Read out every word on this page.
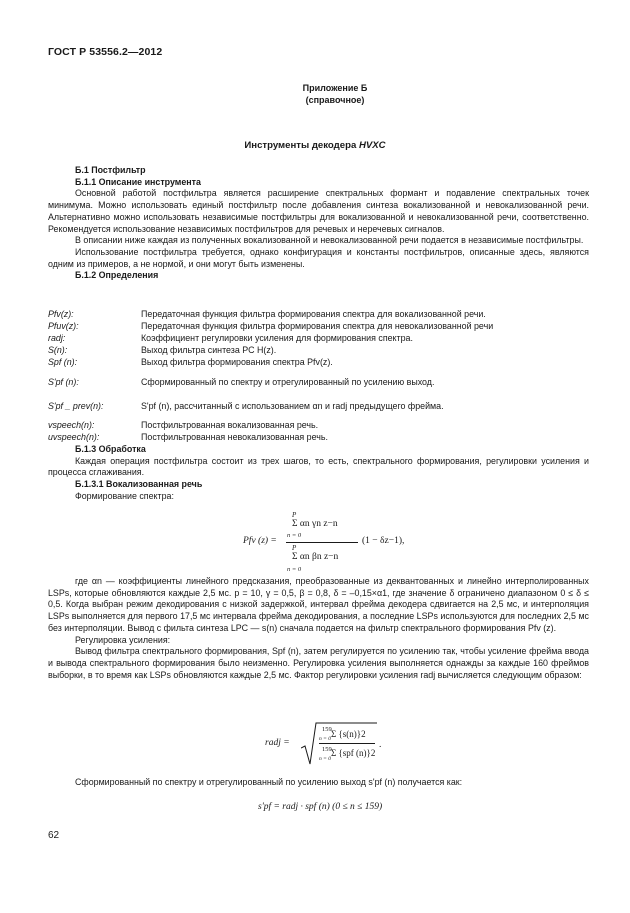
ГОСТ Р 53556.2—2012
Приложение Б
(справочное)
Инструменты декодера HVXC

Б.1 Постфильтр

Б.1.1 Описание инструмента

Основной работой постфильтра является расширение спектральных формант и подавление спектральных точек минимума. Можно использовать единый постфильтр после добавления синтеза вокализованной и невокализованной речи. Альтернативно можно использовать независимые постфильтры для вокализованной и невокализованной речи, соответственно. Рекомендуется использование независимых постфильтров для речевых и неречевых сигналов.

В описании ниже каждая из полученных вокализованной и невокализованной речи подается в независимые постфильтры.

Использование постфильтра требуется, однако конфигурация и константы постфильтров, описанные здесь, являются одним из примеров, а не нормой, и они могут быть изменены.

Б.1.2 Определения

Pfv(z):	Передаточная функция фильтра формирования спектра для вокализованной речи.
Pfuv(z):	Передаточная функция фильтра формирования спектра для невокализованной речи
radj:	Коэффициент регулировки усиления для формирования спектра.
S(n):	Выход фильтра синтеза РС H(z).
Spf (n):	Выход фильтра формирования спектра Pfv(z).
S'pf (n):	Сформированный по спектру и отрегулированный по усилению выход.
S'pf _ prev(n):	S'pf (n), рассчитанный с использованием αn и radj предыдущего фрейма.
vspeech(n):	Постфильтрованная вокализованная речь.
uvspeech(n):	Постфильтрованная невокализованная речь.

Б.1.3 Обработка

Каждая операция постфильтра состоит из трех шагов, то есть, спектрального формирования, регулировки усиления и процесса сглаживания.

Б.1.3.1 Вокализованная речь

Формирование спектра:

Pfv (z) =
P
Σ αn γn z−n
n = 0
P
Σ αn βn z−n
n = 0
(1 − δz−1),

где αn — коэффициенты линейного предсказания, преобразованные из деквантованных и линейно интерполированных LSPs, которые обновляются каждые 2,5 мс. p = 10, γ = 0,5, β = 0,8, δ = –0,15×α1, где значение δ ограничено диапазоном 0 ≤ δ ≤ 0,5. Когда выбран режим декодирования с низкой задержкой, интервал фрейма декодера сдвигается на 2,5 мс, и интерполяция LSPs выполняется для первого 17,5 мс интервала фрейма декодирования, а последние LSPs используются для последних 2,5 мс без интерполяции. Вывод с фильта синтеза LPC — s(n) сначала подается на фильтр спектрального формирования Pfv (z).

Регулировка усиления:

Вывод фильтра спектрального формирования, Spf (n), затем регулируется по усилению так, чтобы усиление фрейма ввода и вывода спектрального формирования было неизменно. Регулировка усиления выполняется однажды за каждые 160 фреймов выборки, в то время как LSPs обновляются каждые 2,5 мс. Фактор регулировки усиления radj вычисляется следующим образом:

radj =
159 Σ {s(n)}2
n = 0
159 Σ {spf (n)}2
n = 0
.

Сформированный по спектру и отрегулированный по усилению выход s'pf (n) получается как:

s'pf = radj · spf (n) (0 ≤ n ≤ 159)
62
